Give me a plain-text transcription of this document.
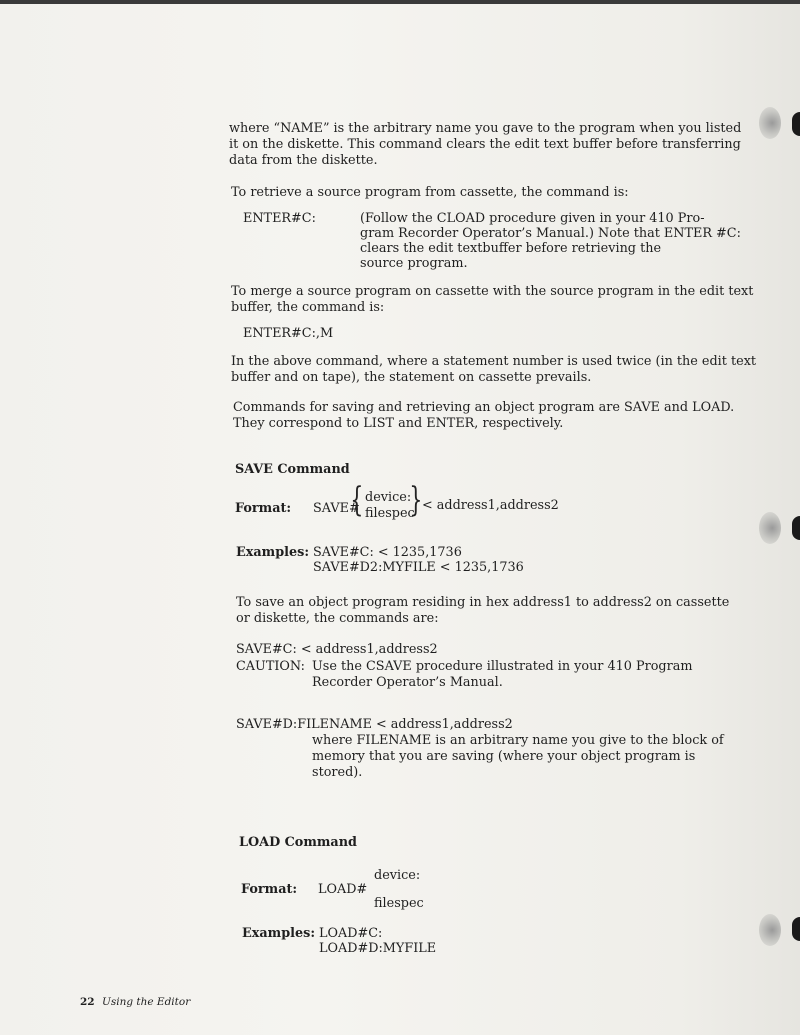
where “NAME” is the arbitrary name you gave to the program when you listed
it on the diskette. This command clears the edit text buffer before transferring
data from the diskette.
To retrieve a source program from cassette, the command is:
ENTER#C:	(Follow the CLOAD procedure given in your 410 Pro-
gram Recorder Operator’s Manual.) Note that ENTER #C:
clears the edit textbuffer before retrieving the
source program.
To merge a source program on cassette with the source program in the edit text
buffer, the command is:
ENTER#C:,M
In the above command, where a statement number is used twice (in the edit text
buffer and on tape), the statement on cassette prevails.
Commands for saving and retrieving an object program are SAVE and LOAD.
They correspond to LIST and ENTER, respectively.
SAVE Command
Format: SAVE#
{ device:
filespec
} < address1,address2
Examples: SAVE#C: < 1235,1736
SAVE#D2:MYFILE < 1235,1736
To save an object program residing in hex address1 to address2 on cassette
or diskette, the commands are:
SAVE#C: < address1,address2
CAUTION: Use the CSAVE procedure illustrated in your 410 Program
Recorder Operator’s Manual.
SAVE#D:FILENAME < address1,address2
where FILENAME is an arbitrary name you give to the block of
memory that you are saving (where your object program is
stored).
LOAD Command
device:
Format: LOAD#
filespec
Examples: LOAD#C:
LOAD#D:MYFILE
22 Using the Editor
